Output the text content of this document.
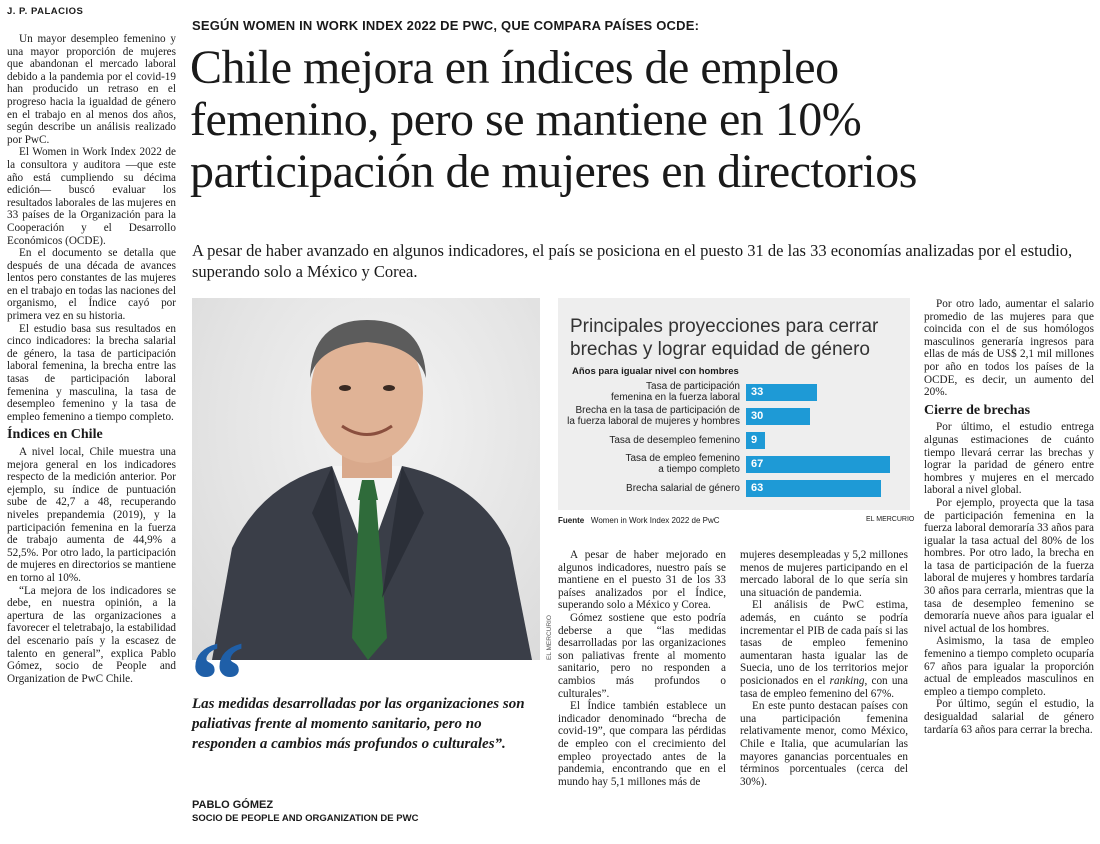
J. P. PALACIOS

Un mayor desempleo femenino y una mayor proporción de mujeres que abandonan el mercado laboral debido a la pandemia por el covid-19 han producido un retraso en el progreso hacia la igualdad de género en el trabajo en al menos dos años, según describe un análisis realizado por PwC.

El Women in Work Index 2022 de la consultora y auditora —que este año está cumpliendo su décima edición— buscó evaluar los resultados laborales de las mujeres en 33 países de la Organización para la Cooperación y el Desarrollo Económicos (OCDE).

En el documento se detalla que después de una década de avances lentos pero constantes de las mujeres en el trabajo en todas las naciones del organismo, el Índice cayó por primera vez en su historia.

El estudio basa sus resultados en cinco indicadores: la brecha salarial de género, la tasa de participación laboral femenina, la brecha entre las tasas de participación laboral femenina y masculina, la tasa de desempleo femenino y la tasa de empleo femenino a tiempo completo.

Índices en Chile

A nivel local, Chile muestra una mejora general en los indicadores respecto de la medición anterior. Por ejemplo, su índice de puntuación sube de 42,7 a 48, recuperando niveles prepandemia (2019), y la participación femenina en la fuerza de trabajo aumenta de 44,9% a 52,5%. Por otro lado, la participación de mujeres en directorios se mantiene en torno al 10%.

“La mejora de los indicadores se debe, en nuestra opinión, a la apertura de las organizaciones a favorecer el teletrabajo, la estabilidad del escenario país y la escasez de talento en general”, explica Pablo Gómez, socio de People and Organization de PwC Chile.

SEGÚN WOMEN IN WORK INDEX 2022 DE PWC, QUE COMPARA PAÍSES OCDE:
Chile mejora en índices de empleo
femenino, pero se mantiene en 10%
participación de mujeres en directorios
A pesar de haber avanzado en algunos indicadores, el país se posiciona en el puesto 31 de las 33 economías analizadas por el estudio, superando solo a México y Corea.
EL MERCURIO
“
Las medidas desarrolladas por las organizaciones son paliativas frente al momento sanitario, pero no responden a cambios más profundos o culturales”.
PABLO GÓMEZ
SOCIO DE PEOPLE AND ORGANIZATION DE PWC
Principales proyecciones para cerrar
brechas y lograr equidad de género
Años para igualar nivel con hombres
Tasa de participación
femenina en la fuerza laboral	33
Brecha en la tasa de participación de
la fuerza laboral de mujeres y hombres	30
Tasa de desempleo femenino	9
Tasa de empleo femenino
a tiempo completo	67
Brecha salarial de género	63
Fuente Women in Work Index 2022 de PwC	EL MERCURIO

A pesar de haber mejorado en algunos indicadores, nuestro país se mantiene en el puesto 31 de los 33 países analizados por el Índice, superando solo a México y Corea.

Gómez sostiene que esto podría deberse a que “las medidas desarrolladas por las organizaciones son paliativas frente al momento sanitario, pero no responden a cambios más profundos o culturales”.

El Índice también establece un indicador denominado “brecha de covid-19”, que compara las pérdidas de empleo con el crecimiento del empleo proyectado antes de la pandemia, encontrando que en el mundo hay 5,1 millones más de

mujeres desempleadas y 5,2 millones menos de mujeres participando en el mercado laboral de lo que sería sin una situación de pandemia.

El análisis de PwC estima, además, en cuánto se podría incrementar el PIB de cada país si las tasas de empleo femenino aumentaran hasta igualar las de Suecia, uno de los territorios mejor posicionados en el ranking, con una tasa de empleo femenino del 67%.

En este punto destacan países con una participación femenina relativamente menor, como México, Chile e Italia, que acumularían las mayores ganancias porcentuales en términos porcentuales (cerca del 30%).

Por otro lado, aumentar el salario promedio de las mujeres para que coincida con el de sus homólogos masculinos generaría ingresos para ellas de más de US$ 2,1 mil millones por año en todos los países de la OCDE, es decir, un aumento del 20%.

Cierre de brechas

Por último, el estudio entrega algunas estimaciones de cuánto tiempo llevará cerrar las brechas y lograr la paridad de género entre hombres y mujeres en el mercado laboral a nivel global.

Por ejemplo, proyecta que la tasa de participación femenina en la fuerza laboral demoraría 33 años para igualar la tasa actual del 80% de los hombres. Por otro lado, la brecha en la tasa de participación de la fuerza laboral de mujeres y hombres tardaría 30 años para cerrarla, mientras que la tasa de desempleo femenino se demoraría nueve años para igualar el nivel actual de los hombres.

Asimismo, la tasa de empleo femenino a tiempo completo ocuparía 67 años para igualar la proporción actual de empleados masculinos en empleo a tiempo completo.

Por último, según el estudio, la desigualdad salarial de género tardaría 63 años para cerrar la brecha.
